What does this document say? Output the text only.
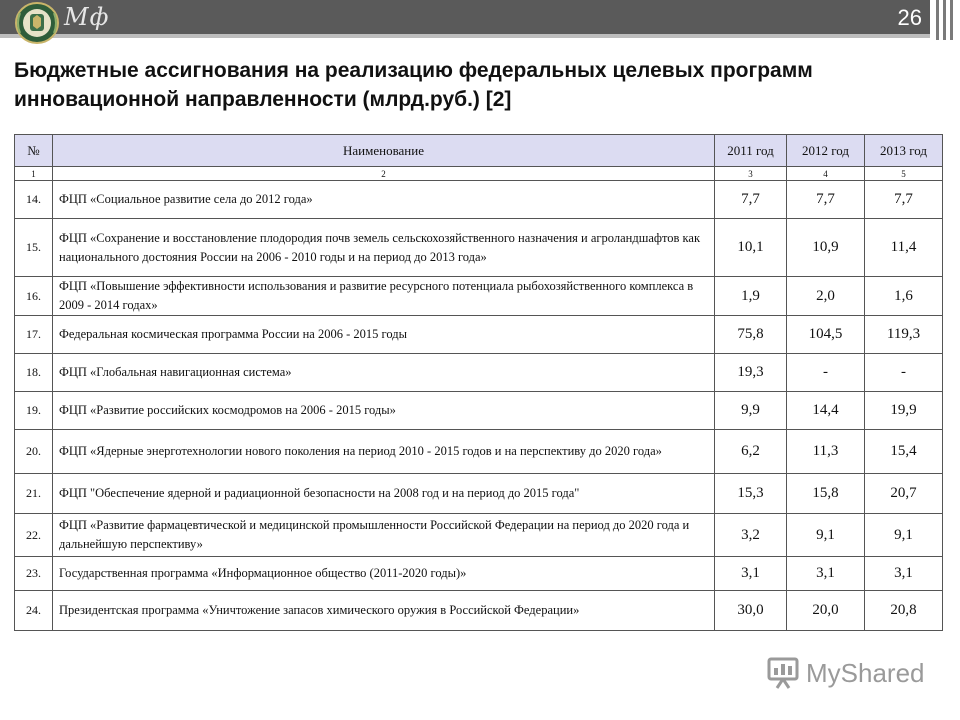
Мф	26
Бюджетные ассигнования на реализацию федеральных целевых программ инновационной направленности (млрд.руб.) [2]
№	Наименование	2011 год	2012 год	2013 год
1	2	3	4	5
14.	ФЦП «Социальное развитие села до 2012 года»	7,7	7,7	7,7
15.	ФЦП «Сохранение и восстановление плодородия почв земель сельскохозяйственного назначения и агроландшафтов как национального достояния России на 2006 - 2010 годы и на период до 2013 года»	10,1	10,9	11,4
16.	ФЦП «Повышение эффективности использования и развитие ресурсного потенциала рыбохозяйственного комплекса в 2009 - 2014 годах»	1,9	2,0	1,6
17.	Федеральная космическая программа России на 2006 - 2015 годы	75,8	104,5	119,3
18.	ФЦП «Глобальная навигационная система»	19,3	-	-
19.	ФЦП «Развитие российских космодромов на 2006 - 2015 годы»	9,9	14,4	19,9
20.	ФЦП «Ядерные энерготехнологии нового поколения на период 2010 - 2015 годов и на перспективу до 2020 года»	6,2	11,3	15,4
21.	ФЦП "Обеспечение ядерной и радиационной безопасности на 2008 год и на период до 2015 года"	15,3	15,8	20,7
22.	ФЦП «Развитие фармацевтической и медицинской промышленности Российской Федерации на период до 2020 года и дальнейшую перспективу»	3,2	9,1	9,1
23.	Государственная программа «Информационное общество (2011-2020 годы)»	3,1	3,1	3,1
24.	Президентская программа «Уничтожение запасов химического оружия в Российской Федерации»	30,0	20,0	20,8
MyShared
